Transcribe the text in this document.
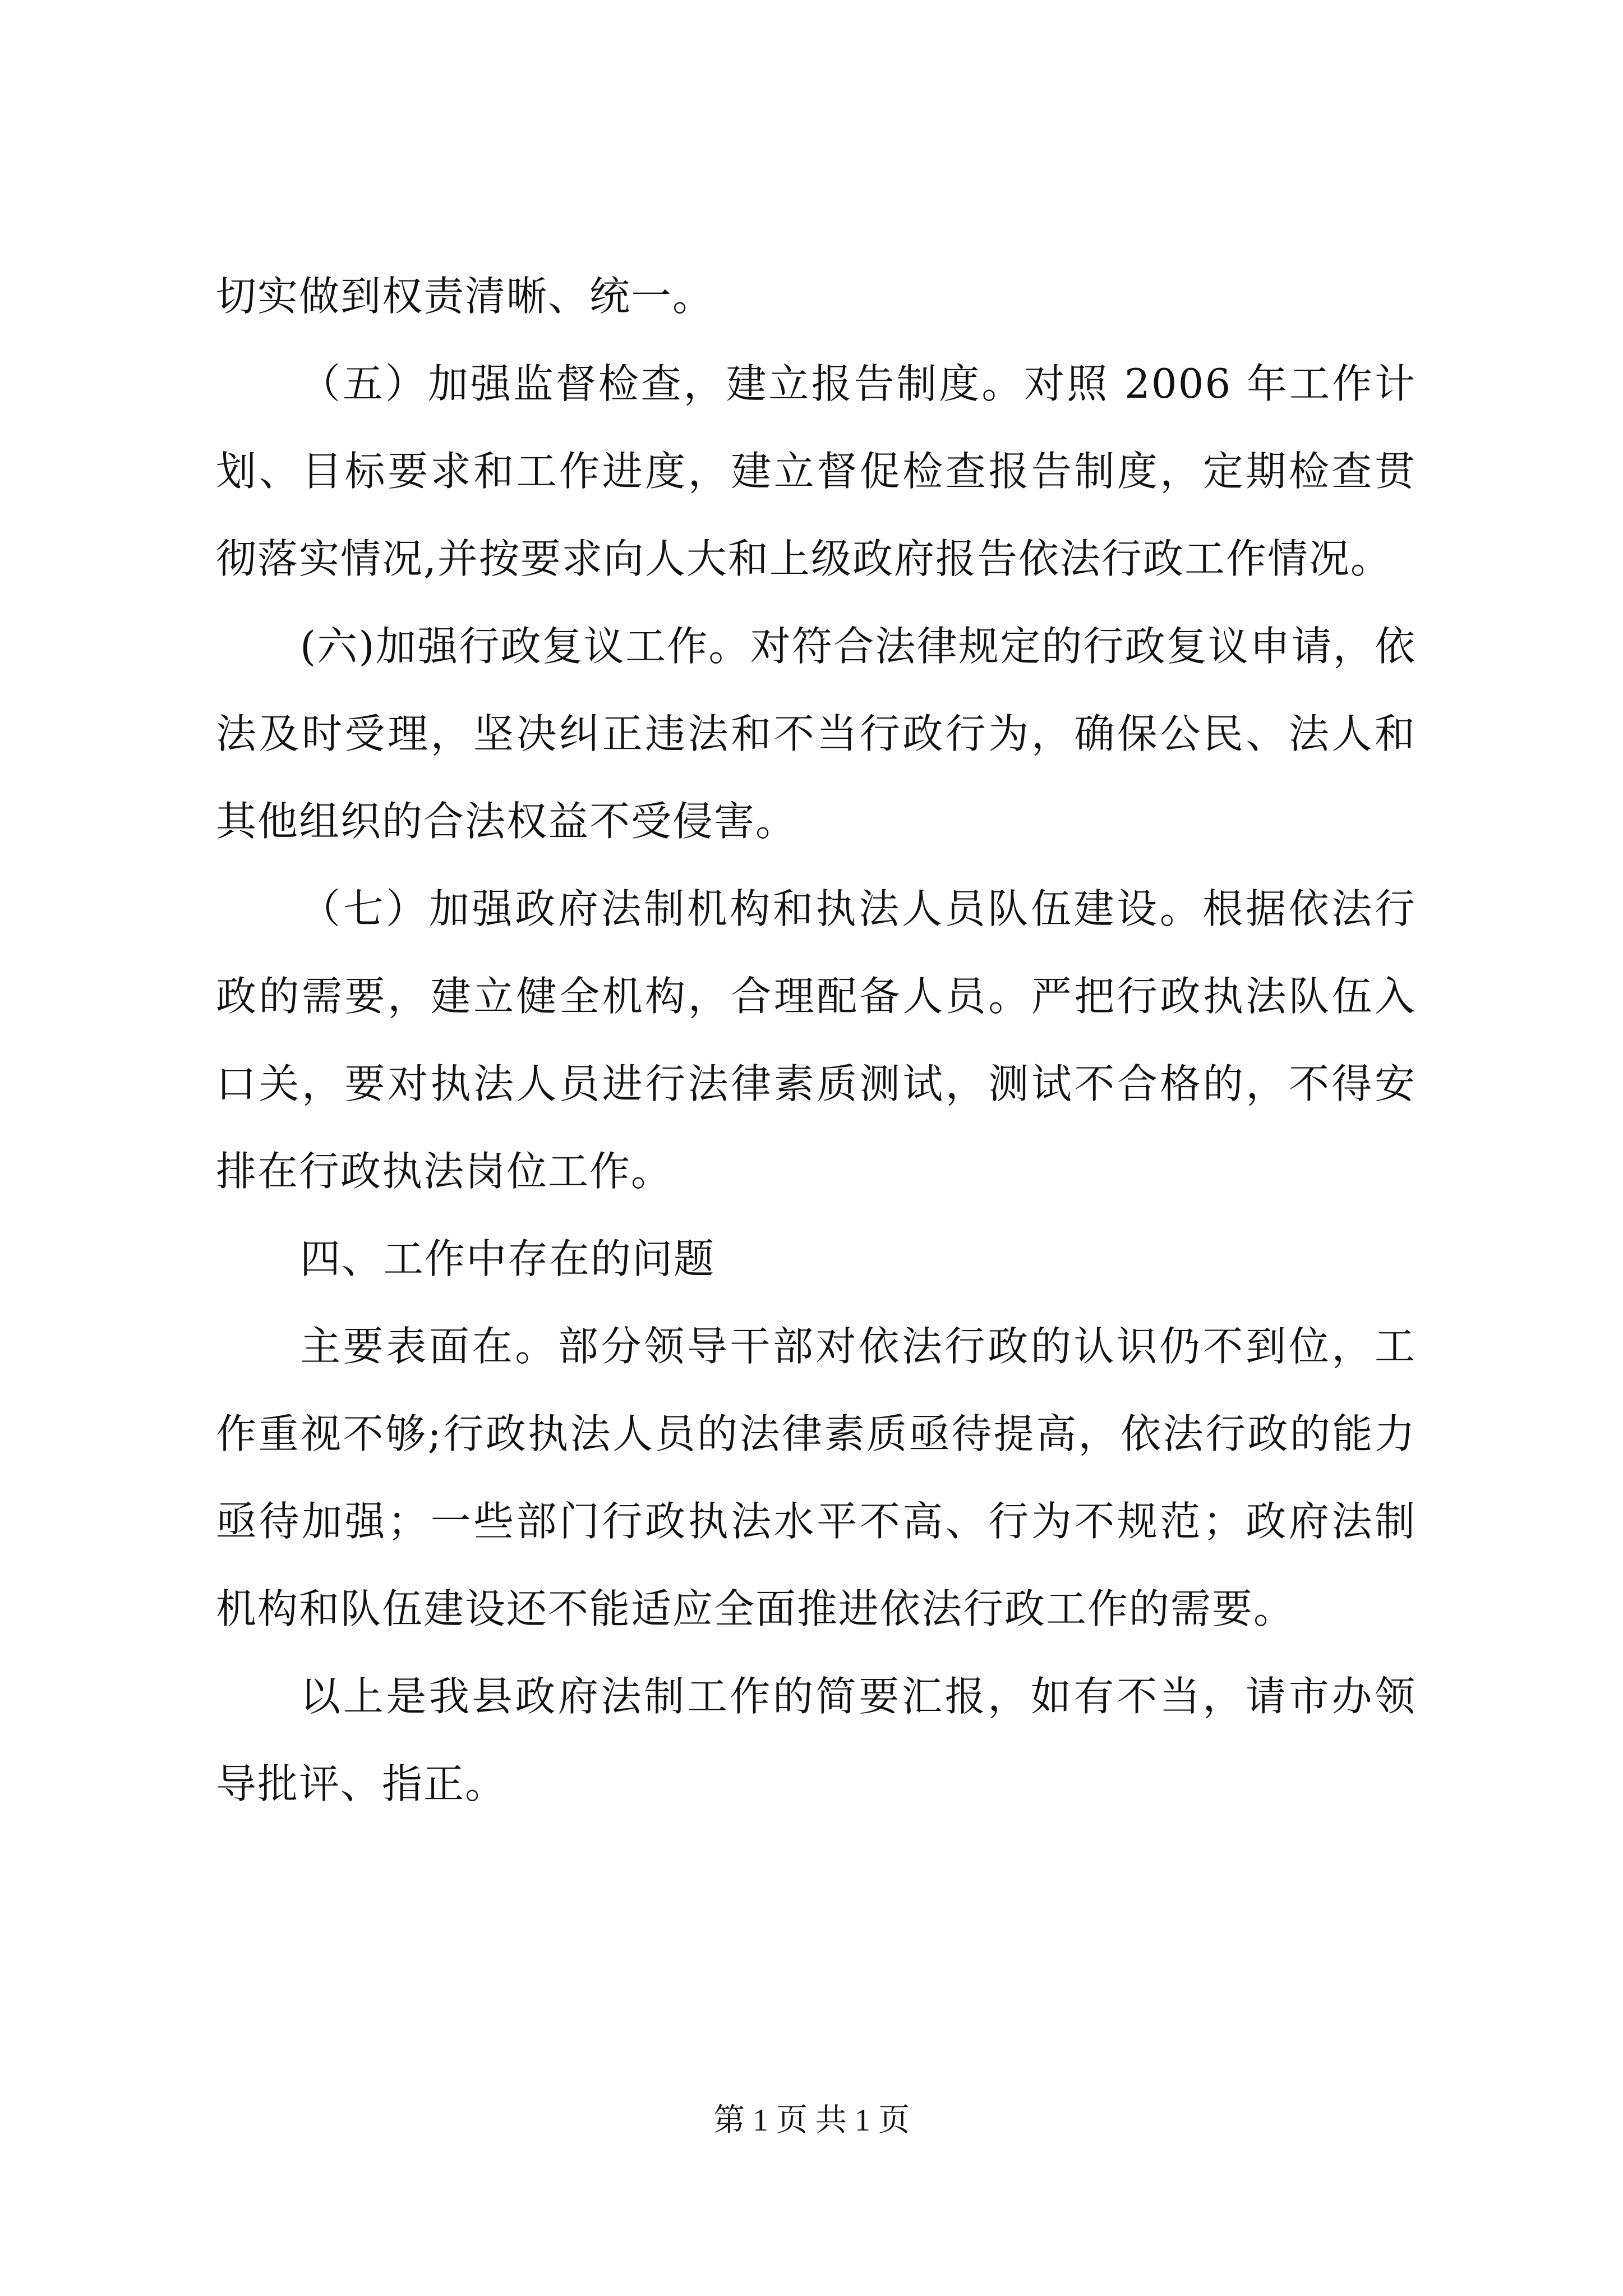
切实做到权责清晰、统一。

（五）加强监督检查，建立报告制度。对照 2006 年工作计划、目标要求和工作进度，建立督促检查报告制度，定期检查贯彻落实情况,并按要求向人大和上级政府报告依法行政工作情况。

(六)加强行政复议工作。对符合法律规定的行政复议申请，依法及时受理，坚决纠正违法和不当行政行为，确保公民、法人和其他组织的合法权益不受侵害。

（七）加强政府法制机构和执法人员队伍建设。根据依法行政的需要，建立健全机构，合理配备人员。严把行政执法队伍入口关，要对执法人员进行法律素质测试，测试不合格的，不得安排在行政执法岗位工作。

四、工作中存在的问题

主要表面在。部分领导干部对依法行政的认识仍不到位，工作重视不够;行政执法人员的法律素质亟待提高，依法行政的能力亟待加强；一些部门行政执法水平不高、行为不规范；政府法制机构和队伍建设还不能适应全面推进依法行政工作的需要。

以上是我县政府法制工作的简要汇报，如有不当，请市办领导批评、指正。

第 1 页 共 1 页
